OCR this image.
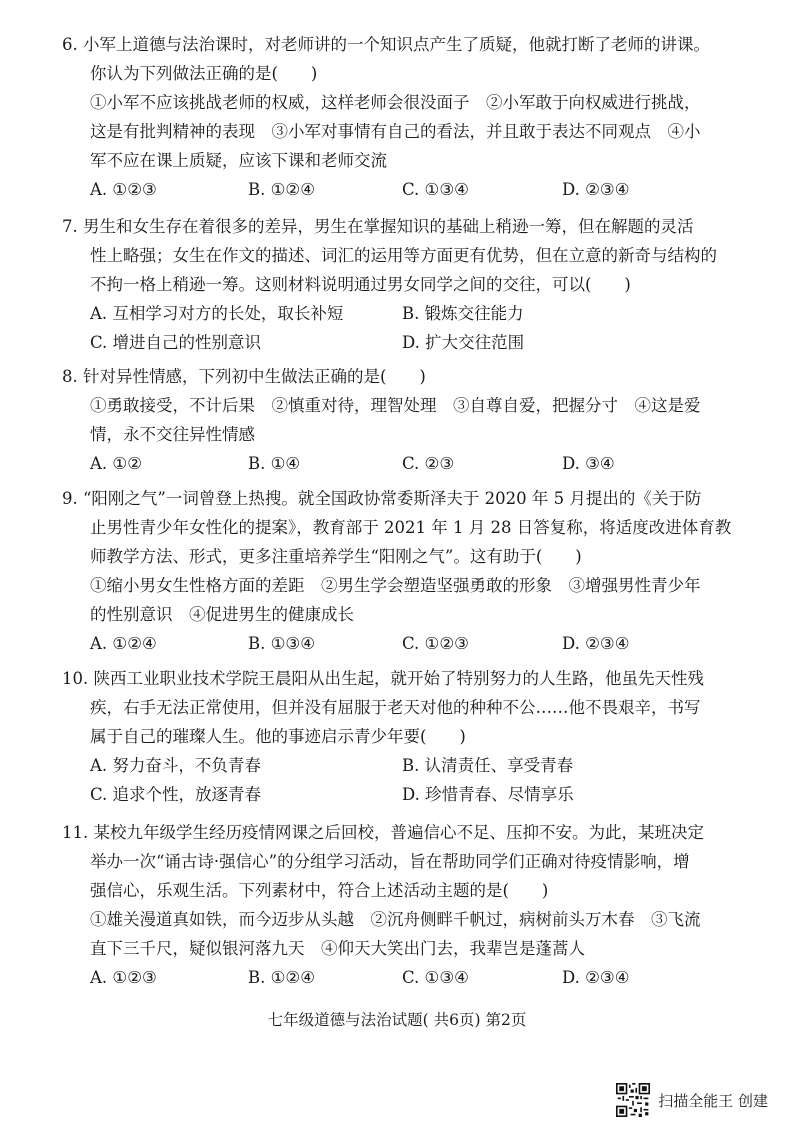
6. 小军上道德与法治课时，对老师讲的一个知识点产生了质疑，他就打断了老师的讲课。
你认为下列做法正确的是(　　)
①小军不应该挑战老师的权威，这样老师会很没面子　②小军敢于向权威进行挑战，
这是有批判精神的表现　③小军对事情有自己的看法，并且敢于表达不同观点　④小
军不应在课上质疑，应该下课和老师交流
A. ①②③	B. ①②④	C. ①③④	D. ②③④
7. 男生和女生存在着很多的差异，男生在掌握知识的基础上稍逊一筹，但在解题的灵活
性上略强；女生在作文的描述、词汇的运用等方面更有优势，但在立意的新奇与结构的
不拘一格上稍逊一筹。这则材料说明通过男女同学之间的交往，可以(　　)
A. 互相学习对方的长处，取长补短	B. 锻炼交往能力
C. 增进自己的性别意识	D. 扩大交往范围
8. 针对异性情感，下列初中生做法正确的是(　　)
①勇敢接受，不计后果　②慎重对待，理智处理　③自尊自爱，把握分寸　④这是爱
情，永不交往异性情感
A. ①②	B. ①④	C. ②③	D. ③④
9. “阳刚之气”一词曾登上热搜。就全国政协常委斯泽夫于 2020 年 5 月提出的《关于防
止男性青少年女性化的提案》，教育部于 2021 年 1 月 28 日答复称，将适度改进体育教
师教学方法、形式，更多注重培养学生“阳刚之气”。这有助于(　　)
①缩小男女生性格方面的差距　②男生学会塑造坚强勇敢的形象　③增强男性青少年
的性别意识　④促进男生的健康成长
A. ①②④	B. ①③④	C. ①②③	D. ②③④
10. 陕西工业职业技术学院王晨阳从出生起，就开始了特别努力的人生路，他虽先天性残
疾，右手无法正常使用，但并没有屈服于老天对他的种种不公……他不畏艰辛，书写
属于自己的璀璨人生。他的事迹启示青少年要(　　)
A. 努力奋斗，不负青春	B. 认清责任、享受青春
C. 追求个性，放逐青春	D. 珍惜青春、尽情享乐
11. 某校九年级学生经历疫情网课之后回校，普遍信心不足、压抑不安。为此，某班决定
举办一次“诵古诗·强信心”的分组学习活动，旨在帮助同学们正确对待疫情影响，增
强信心，乐观生活。下列素材中，符合上述活动主题的是(　　)
①雄关漫道真如铁，而今迈步从头越　②沉舟侧畔千帆过，病树前头万木春　③飞流
直下三千尺，疑似银河落九天　④仰天大笑出门去，我辈岂是蓬蒿人
A. ①②③	B. ①②④	C. ①③④	D. ②③④
七年级道德与法治试题( 共6页) 第2页
扫描全能王 创建
